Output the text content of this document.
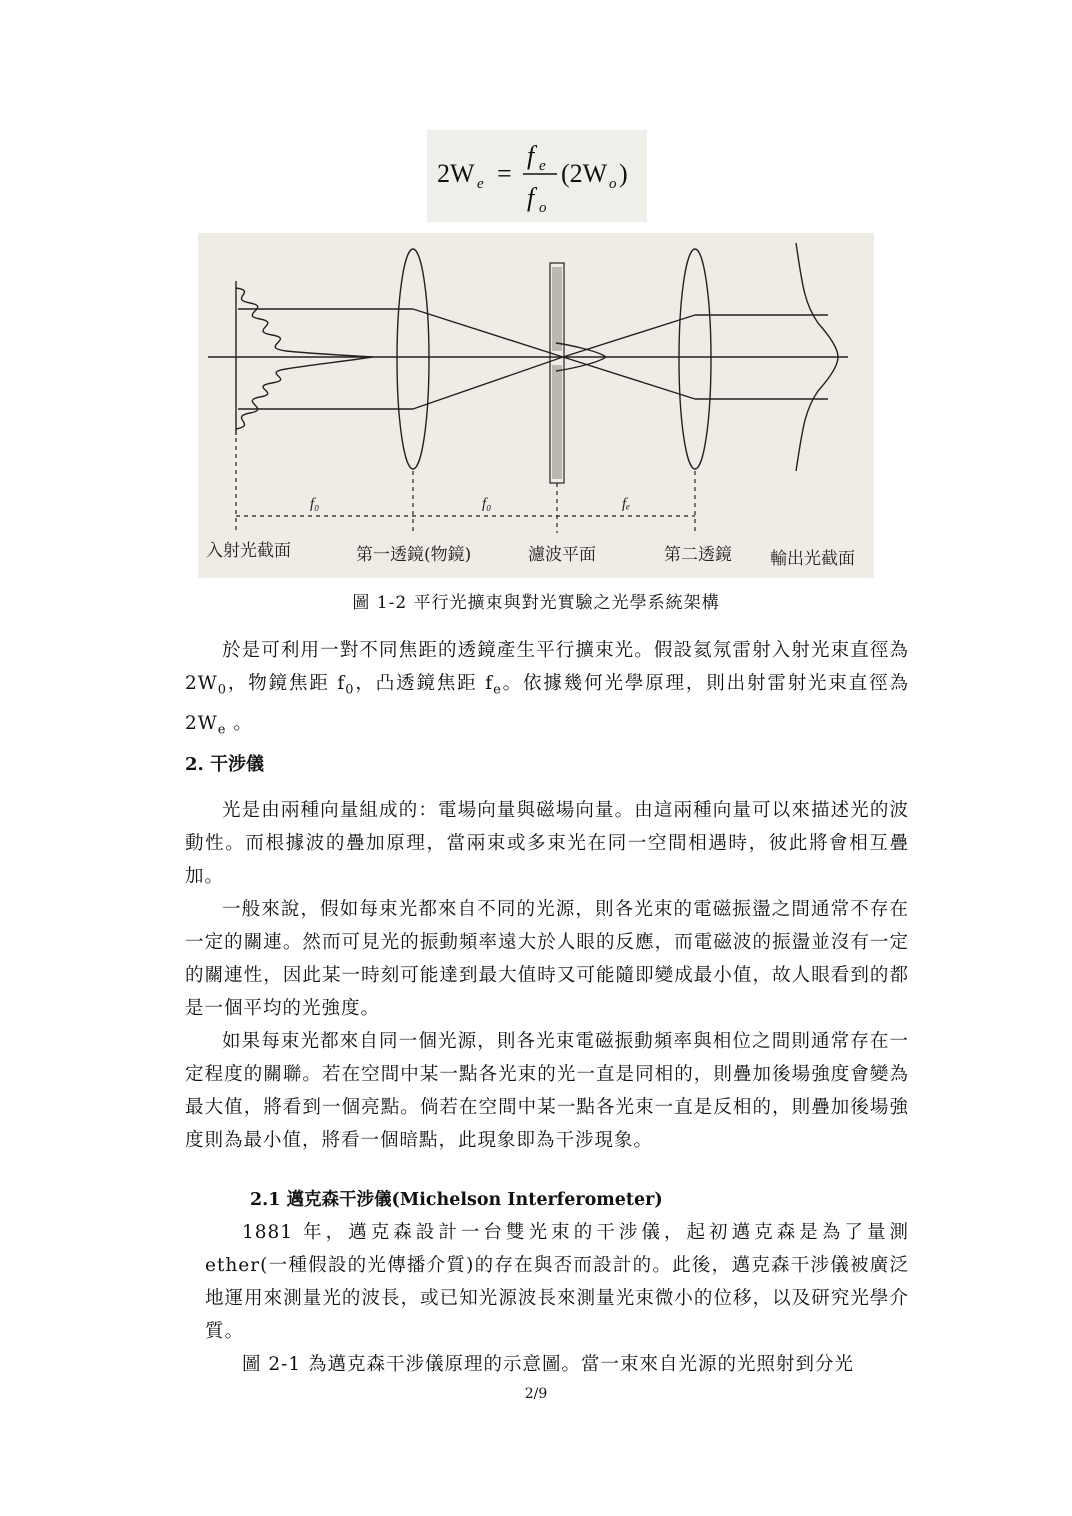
2W e =
f e
f o
(2W o )
f₀	f₀	fₑ
入射光截面	第一透鏡(物鏡)	濾波平面	第二透鏡 輸出光截面
圖 1-2 平行光擴束與對光實驗之光學系統架構

於是可利用一對不同焦距的透鏡產生平行擴束光。假設氦氖雷射入射光束直徑為 $2W_0$，物鏡焦距 $f_0$，凸透鏡焦距 $f_e$。依據幾何光學原理，則出射雷射光束直徑為 $2W_e$ 。

2. 干涉儀

光是由兩種向量組成的：電場向量與磁場向量。由這兩種向量可以來描述光的波動性。而根據波的疊加原理，當兩束或多束光在同一空間相遇時，彼此將會相互疊加。

一般來說，假如每束光都來自不同的光源，則各光束的電磁振盪之間通常不存在一定的關連。然而可見光的振動頻率遠大於人眼的反應，而電磁波的振盪並沒有一定的關連性，因此某一時刻可能達到最大值時又可能隨即變成最小值，故人眼看到的都是一個平均的光強度。

如果每束光都來自同一個光源，則各光束電磁振動頻率與相位之間則通常存在一定程度的關聯。若在空間中某一點各光束的光一直是同相的，則疊加後場強度會變為最大值，將看到一個亮點。倘若在空間中某一點各光束一直是反相的，則疊加後場強度則為最小值，將看一個暗點，此現象即為干涉現象。

2.1 邁克森干涉儀(Michelson Interferometer)

1881 年，邁克森設計一台雙光束的干涉儀，起初邁克森是為了量測 ether(一種假設的光傳播介質)的存在與否而設計的。此後，邁克森干涉儀被廣泛地運用來測量光的波長，或已知光源波長來測量光束微小的位移，以及研究光學介質。

圖 2-1 為邁克森干涉儀原理的示意圖。當一束來自光源的光照射到分光

2/9
